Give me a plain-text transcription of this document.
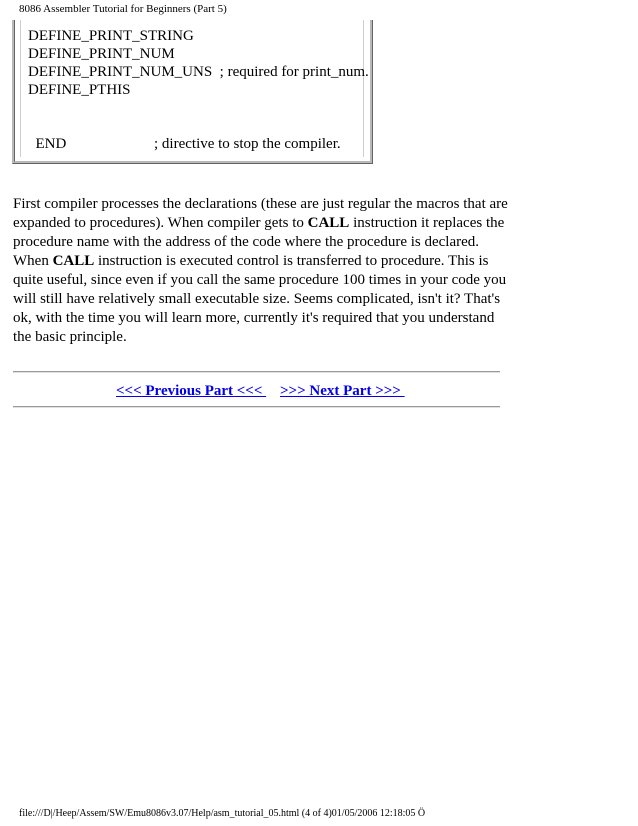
8086 Assembler Tutorial for Beginners (Part 5)
DEFINE_PRINT_STRING
DEFINE_PRINT_NUM
DEFINE_PRINT_NUM_UNS  ; required for print_num.
DEFINE_PTHIS

END	; directive to stop the compiler.

First compiler processes the declarations (these are just regular the macros that are expanded to procedures). When compiler gets to CALL instruction it replaces the procedure name with the address of the code where the procedure is declared. When CALL instruction is executed control is transferred to procedure. This is quite useful, since even if you call the same procedure 100 times in your code you will still have relatively small executable size. Seems complicated, isn't it? That's ok, with the time you will learn more, currently it's required that you understand the basic principle.
<<< Previous Part <<< >>> Next Part >>>
file:///D|/Heep/Assem/SW/Emu8086v3.07/Help/asm_tutorial_05.html (4 of 4)01/05/2006 12:18:05 Ö
